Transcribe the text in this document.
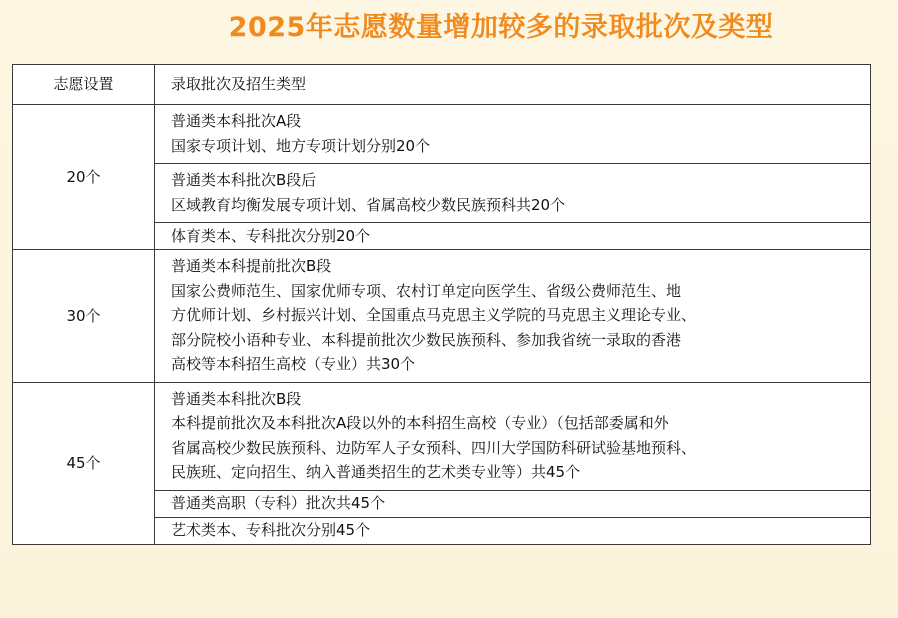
2025年志愿数量增加较多的录取批次及类型
志愿设置	录取批次及招生类型
20个	普通类本科批次A段
国家专项计划、地方专项计划分别20个

	普通类本科批次B段后
区域教育均衡发展专项计划、省属高校少数民族预科共20个

	体育类本、专科批次分别20个

30个	普通类本科提前批次B段
国家公费师范生、国家优师专项、农村订单定向医学生、省级公费师范生、地
方优师计划、乡村振兴计划、全国重点马克思主义学院的马克思主义理论专业、
部分院校小语种专业、本科提前批次少数民族预科、参加我省统一录取的香港
高校等本科招生高校（专业）共30个

45个	普通类本科批次B段
本科提前批次及本科批次A段以外的本科招生高校（专业）（包括部委属和外
省属高校少数民族预科、边防军人子女预科、四川大学国防科研试验基地预科、
民族班、定向招生、纳入普通类招生的艺术类专业等）共45个

	普通类高职（专科）批次共45个

	艺术类本、专科批次分别45个
